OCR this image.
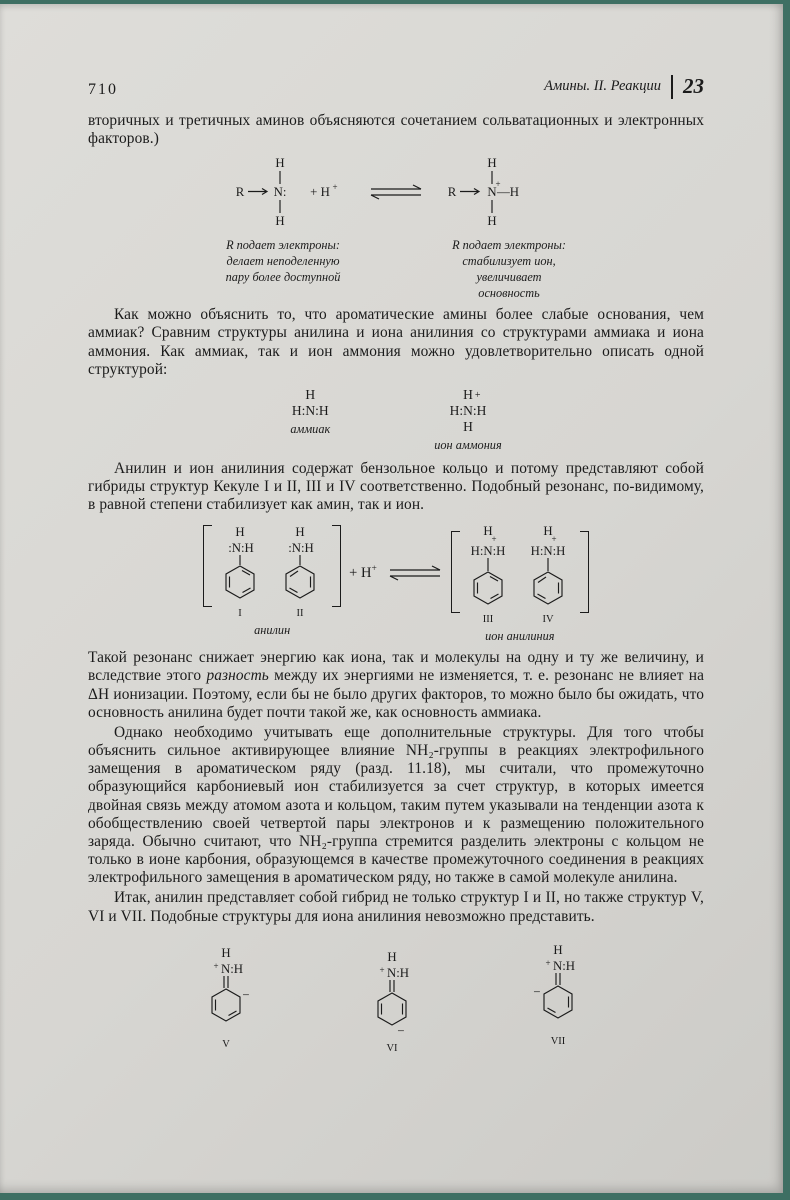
710	Амины. II. Реакции 23

вторичных и третичных аминов объясняются сочетанием сольватационных и электронных факторов.)

H
R N:
H
+ H +
R подает электроны:
делает неподеленную
пару более доступной
H
R N
+
—H
H
R подает электроны:
стабилизует ион,
увеличивает
основность

Как можно объяснить то, что ароматические амины более слабые основания, чем аммиак? Сравним структуры анилина и иона анилиния со структурами аммиака и иона аммония. Как аммиак, так и ион аммония можно удовлетворительно описать одной структурой:

H
H:N:H
аммиак
H +
H:N:H
H
ион аммония

Анилин и ион анилиния содержат бензольное кольцо и потому представляют собой гибриды структур Кекуле I и II, III и IV соответственно. Подобный резонанс, по-видимому, в равной степени стабилизует как амин, так и ион.

H
:N:H
I
H
:N:H
II
анилин
+ H+ ⇌
H
+
H:N:H
III
H
+
H:N:H
IV
ион анилиния

Такой резонанс снижает энергию как иона, так и молекулы на одну и ту же величину, и вследствие этого разность между их энергиями не изменяется, т. е. резонанс не влияет на ΔH ионизации. Поэтому, если бы не было других факторов, то можно было бы ожидать, что основность анилина будет почти такой же, как основность аммиака.

Однако необходимо учитывать еще дополнительные структуры. Для того чтобы объяснить сильное активирующее влияние NH₂-группы в реакциях электрофильного замещения в ароматическом ряду (разд. 11.18), мы считали, что промежуточно образующийся карбониевый ион стабилизуется за счет структур, в которых имеется двойная связь между атомом азота и кольцом, таким путем указывали на тенденции азота к обобществлению своей четвертой пары электронов и к размещению положительного заряда. Обычно считают, что NH₂-группа стремится разделить электроны с кольцом не только в ионе карбония, образующемся в качестве промежуточного соединения в реакциях электрофильного замещения в ароматическом ряду, но также в самой молекуле анилина.

Итак, анилин представляет собой гибрид не только структур I и II, но также структур V, VI и VII. Подобные структуры для иона анилиния невозможно представить.

H
+ N:H
−
V
H
+ N:H
−
VI
H
+ N:H
−
VII
